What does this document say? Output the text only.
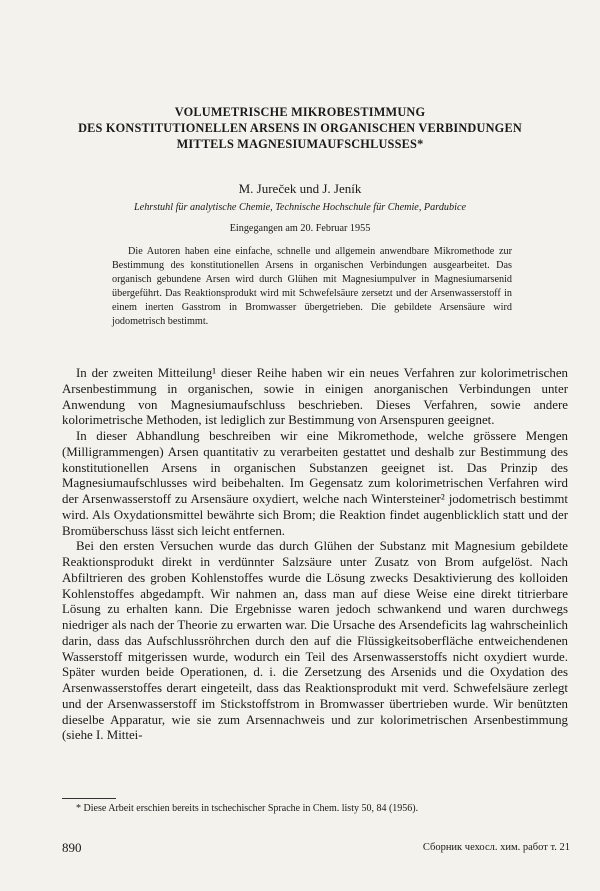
VOLUMETRISCHE MIKROBESTIMMUNG
DES KONSTITUTIONELLEN ARSENS IN ORGANISCHEN VERBINDUNGEN
MITTELS MAGNESIUMAUFSCHLUSSES*
M. Jureček und J. Jeník
Lehrstuhl für analytische Chemie, Technische Hochschule für Chemie, Pardubice
Eingegangen am 20. Februar 1955

Die Autoren haben eine einfache, schnelle und allgemein anwendbare Mikromethode zur Bestimmung des konstitutionellen Arsens in organischen Verbindungen ausgearbeitet. Das organisch gebundene Arsen wird durch Glühen mit Magnesiumpulver in Magnesiumarsenid übergeführt. Das Reaktionsprodukt wird mit Schwefelsäure zersetzt und der Arsenwasserstoff in einem inerten Gasstrom in Bromwasser übergetrieben. Die gebildete Arsensäure wird jodometrisch bestimmt.

In der zweiten Mitteilung¹ dieser Reihe haben wir ein neues Verfahren zur kolorimetrischen Arsenbestimmung in organischen, sowie in einigen anorganischen Verbindungen unter Anwendung von Magnesiumaufschluss beschrieben. Dieses Verfahren, sowie andere kolorimetrische Methoden, ist lediglich zur Bestimmung von Arsenspuren geeignet.

In dieser Abhandlung beschreiben wir eine Mikromethode, welche grössere Mengen (Milligrammengen) Arsen quantitativ zu verarbeiten gestattet und deshalb zur Bestimmung des konstitutionellen Arsens in organischen Substanzen geeignet ist. Das Prinzip des Magnesiumaufschlusses wird beibehalten. Im Gegensatz zum kolorimetrischen Verfahren wird der Arsenwasserstoff zu Arsensäure oxydiert, welche nach Wintersteiner² jodometrisch bestimmt wird. Als Oxydationsmittel bewährte sich Brom; die Reaktion findet augenblicklich statt und der Bromüberschuss lässt sich leicht entfernen.

Bei den ersten Versuchen wurde das durch Glühen der Substanz mit Magnesium gebildete Reaktionsprodukt direkt in verdünnter Salzsäure unter Zusatz von Brom aufgelöst. Nach Abfiltrieren des groben Kohlenstoffes wurde die Lösung zwecks Desaktivierung des kolloiden Kohlenstoffes abgedampft. Wir nahmen an, dass man auf diese Weise eine direkt titrierbare Lösung zu erhalten kann. Die Ergebnisse waren jedoch schwankend und waren durchwegs niedriger als nach der Theorie zu erwarten war. Die Ursache des Arsendeficits lag wahrscheinlich darin, dass das Aufschlussröhrchen durch den auf die Flüssigkeitsoberfläche entweichendenen Wasserstoff mitgerissen wurde, wodurch ein Teil des Arsenwasserstoffs nicht oxydiert wurde. Später wurden beide Operationen, d. i. die Zersetzung des Arsenids und die Oxydation des Arsenwasserstoffes derart eingeteilt, dass das Reaktionsprodukt mit verd. Schwefelsäure zerlegt und der Arsenwasserstoff im Stickstoffstrom in Bromwasser übertrieben wurde. Wir benützten dieselbe Apparatur, wie sie zum Arsennachweis und zur kolorimetrischen Arsenbestimmung (siehe I. Mittei-

* Diese Arbeit erschien bereits in tschechischer Sprache in Chem. listy 50, 84 (1956).

890	Сборник чехосл. хим. работ т. 21
